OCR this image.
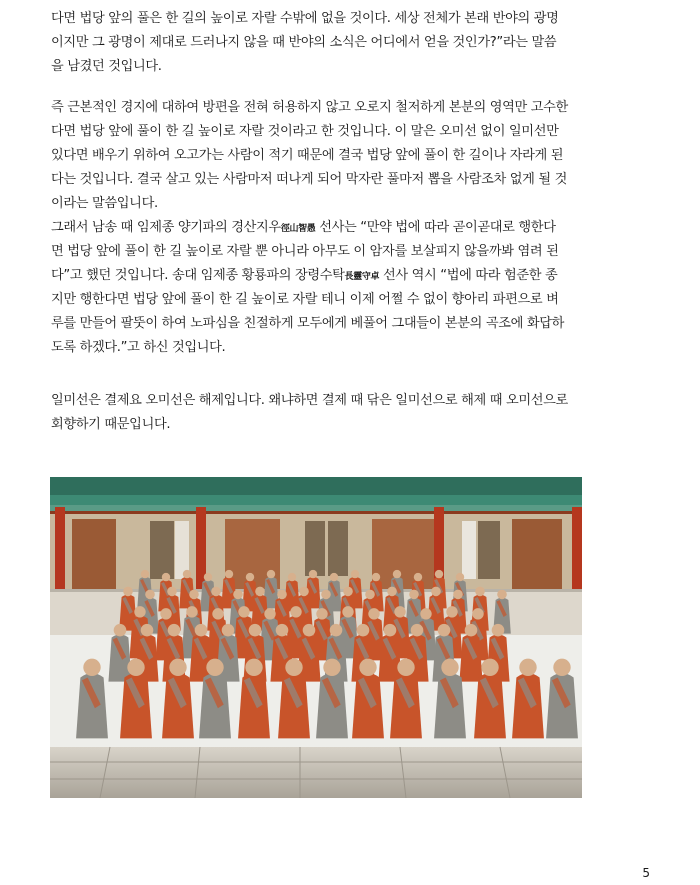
다면 법당 앞의 풀은 한 길의 높이로 자랄 수밖에 없을 것이다. 세상 전체가 본래 반야의 광명
이지만 그 광명이 제대로 드러나지 않을 때 반야의 소식은 어디에서 얻을 것인가?”라는 말씀
을 남겼던 것입니다.
즉 근본적인 경지에 대하여 방편을 전혀 허용하지 않고 오로지 철저하게 본분의 영역만 고수한
다면 법당 앞에 풀이 한 길 높이로 자랄 것이라고 한 것입니다. 이 말은 오미선 없이 일미선만
있다면 배우기 위하여 오고가는 사람이 적기 때문에 결국 법당 앞에 풀이 한 길이나 자라게 된
다는 것입니다. 결국 살고 있는 사람마저 떠나게 되어 막자란 풀마저 뽑을 사람조차 없게 될 것
이라는 말씀입니다.
그래서 남송 때 임제종 양기파의 경산지우徑山智愚 선사는 “만약 법에 따라 곧이곧대로 행한다
면 법당 앞에 풀이 한 길 높이로 자랄 뿐 아니라 아무도 이 암자를 보살피지 않을까봐 염려 된
다”고 했던 것입니다. 송대 임제종 황룡파의 장령수탁長靈守卓 선사 역시 “법에 따라 험준한 종
지만 행한다면 법당 앞에 풀이 한 길 높이로 자랄 테니 이제 어쩔 수 없이 향아리 파편으로 벼
루를 만들어 팔뚯이 하여 노파심을 친절하게 모두에게 베풀어 그대들이 본분의 곡조에 화답하
도록 하겠다.”고 하신 것입니다.
일미선은 결제요 오미선은 해제입니다. 왜냐하면 결제 때 닦은 일미선으로 해제 때 오미선으로
회향하기 때문입니다.
5
